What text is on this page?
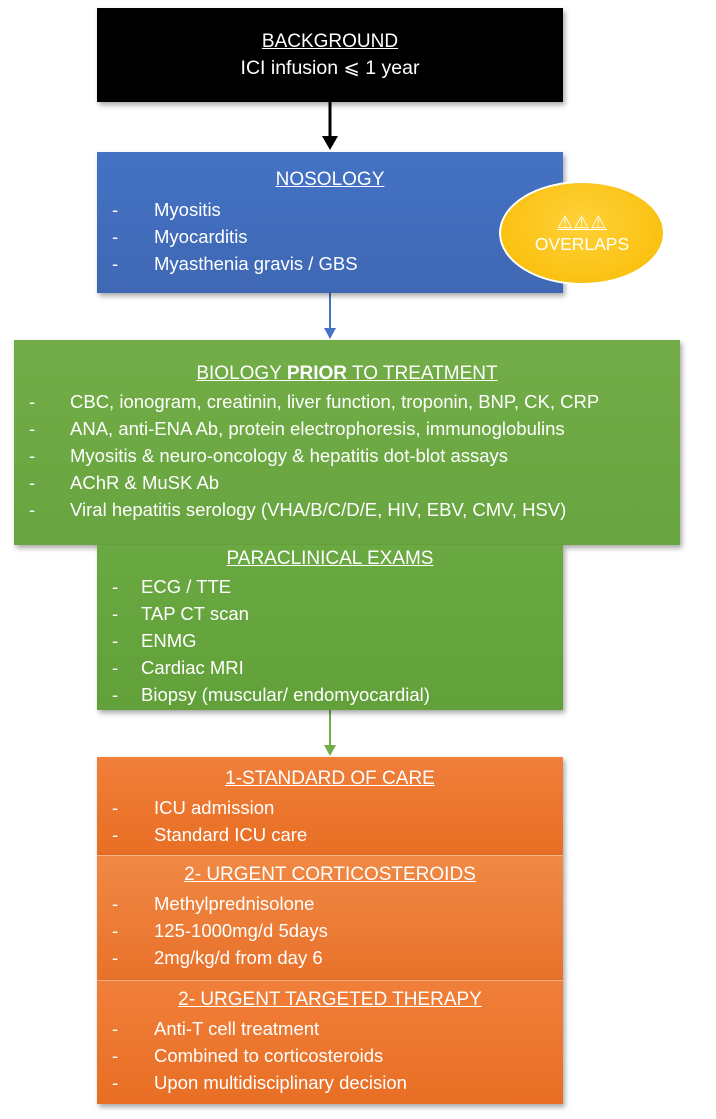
BACKGROUND

ICI infusion ⩽ 1 year

NOSOLOGY

- Myositis
- Myocarditis
- Myasthenia gravis / GBS
⚠⚠⚠
OVERLAPS

BIOLOGY PRIOR TO TREATMENT

- CBC, ionogram, creatinin, liver function, troponin, BNP, CK, CRP
- ANA, anti-ENA Ab, protein electrophoresis, immunoglobulins
- Myositis & neuro-oncology & hepatitis dot-blot assays
- AChR & MuSK Ab
- Viral hepatitis serology (VHA/B/C/D/E, HIV, EBV, CMV, HSV)

PARACLINICAL EXAMS

- ECG / TTE
- TAP CT scan
- ENMG
- Cardiac MRI
- Biopsy (muscular/ endomyocardial)

1-STANDARD OF CARE

- ICU admission
- Standard ICU care

2- URGENT CORTICOSTEROIDS

- Methylprednisolone
- 125-1000mg/d 5days
- 2mg/kg/d from day 6

2- URGENT TARGETED THERAPY

- Anti-T cell treatment
- Combined to corticosteroids
- Upon multidisciplinary decision
